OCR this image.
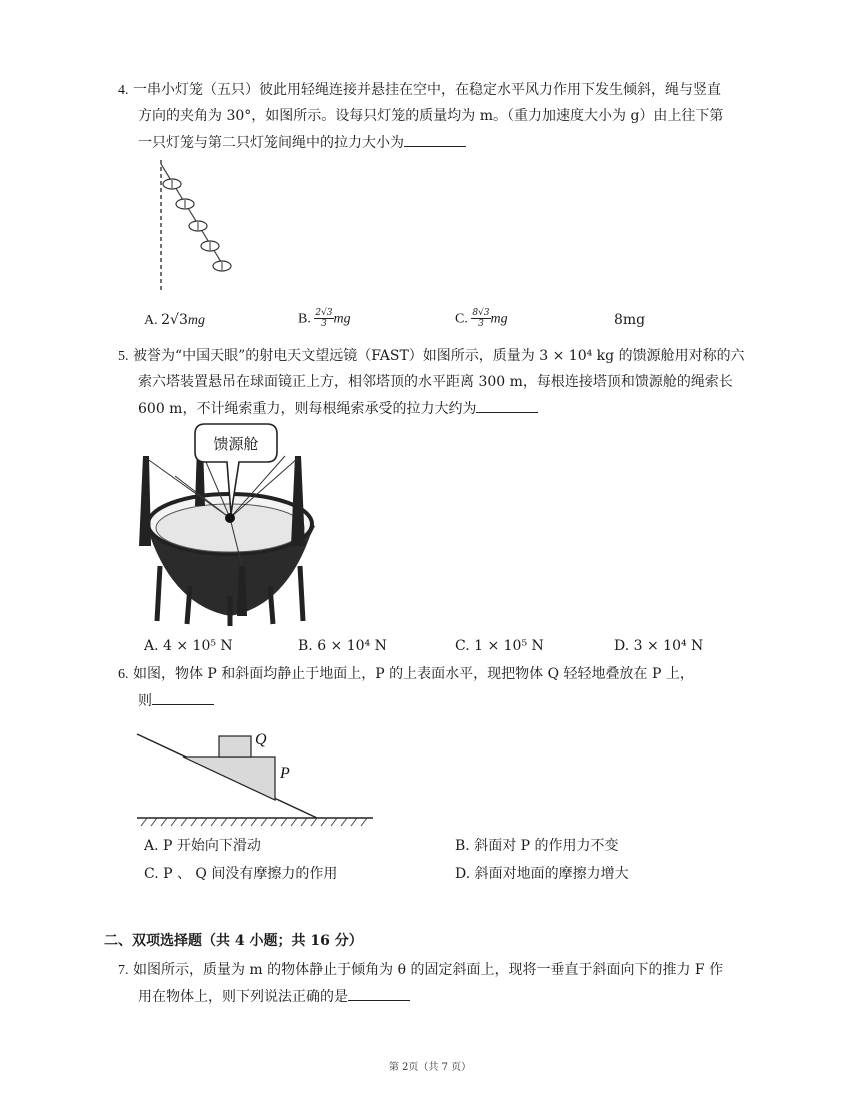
4. 一串小灯笼（五只）彼此用轻绳连接并悬挂在空中，在稳定水平风力作用下发生倾斜，绳与竖直
方向的夹角为 30°，如图所示。设每只灯笼的质量均为 m。（重力加速度大小为 g）由上往下第
一只灯笼与第二只灯笼间绳中的拉力大小为
A. 2√3mg	B. $\frac{2√3}{3}$ mg	C. $\frac{8√3}{3}$ mg	8mg
5. 被誉为“中国天眼”的射电天文望远镜（FAST）如图所示，质量为 3 × 10⁴ kg 的馈源舱用对称的六
索六塔装置悬吊在球面镜正上方，相邻塔顶的水平距离 300 m，每根连接塔顶和馈源舱的绳索长
600 m，不计绳索重力，则每根绳索承受的拉力大约为
馈源舱
A. 4 × 10⁵ N	B. 6 × 10⁴ N	C. 1 × 10⁵ N	D. 3 × 10⁴ N
6. 如图，物体 P 和斜面均静止于地面上，P 的上表面水平，现把物体 Q 轻轻地叠放在 P 上，
则
Q
P
A. P 开始向下滑动	B. 斜面对 P 的作用力不变
C. P 、 Q 间没有摩擦力的作用	D. 斜面对地面的摩擦力增大
二、双项选择题（共 4 小题；共 16 分）
7. 如图所示，质量为 m 的物体静止于倾角为 θ 的固定斜面上，现将一垂直于斜面向下的推力 F 作
用在物体上，则下列说法正确的是
第 2页（共 7 页）
